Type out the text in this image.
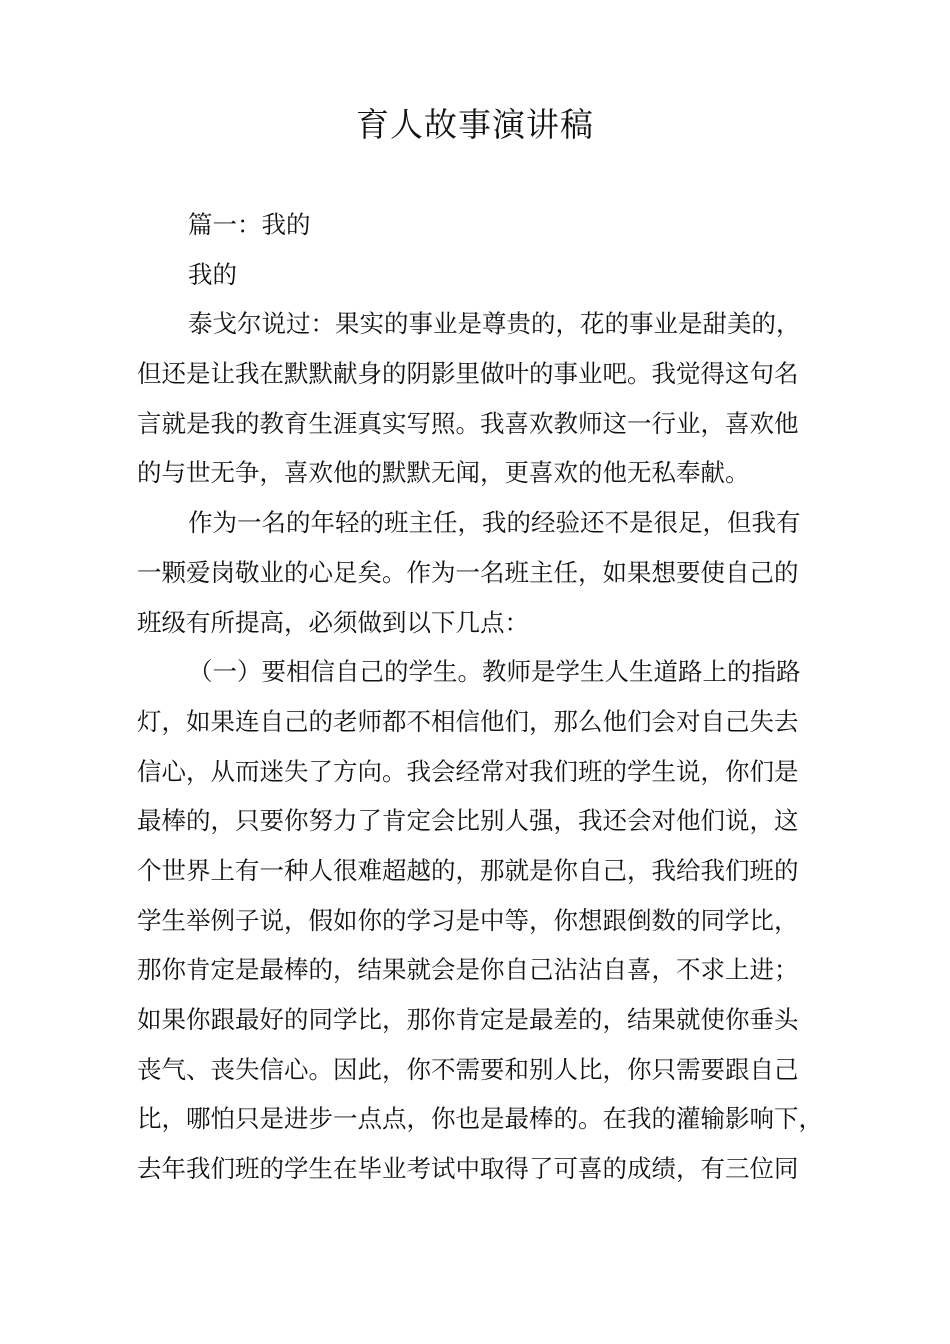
育人故事演讲稿
篇一：我的
我的
泰戈尔说过：果实的事业是尊贵的，花的事业是甜美的，
但还是让我在默默献身的阴影里做叶的事业吧。我觉得这句名
言就是我的教育生涯真实写照。我喜欢教师这一行业，喜欢他
的与世无争，喜欢他的默默无闻，更喜欢的他无私奉献。
作为一名的年轻的班主任，我的经验还不是很足，但我有
一颗爱岗敬业的心足矣。作为一名班主任，如果想要使自己的
班级有所提高，必须做到以下几点：
（一）要相信自己的学生。教师是学生人生道路上的指路
灯，如果连自己的老师都不相信他们，那么他们会对自己失去
信心，从而迷失了方向。我会经常对我们班的学生说，你们是
最棒的，只要你努力了肯定会比别人强，我还会对他们说，这
个世界上有一种人很难超越的，那就是你自己，我给我们班的
学生举例子说，假如你的学习是中等，你想跟倒数的同学比，
那你肯定是最棒的，结果就会是你自己沾沾自喜，不求上进；
如果你跟最好的同学比，那你肯定是最差的，结果就使你垂头
丧气、丧失信心。因此，你不需要和别人比，你只需要跟自己
比，哪怕只是进步一点点，你也是最棒的。在我的灌输影响下，
去年我们班的学生在毕业考试中取得了可喜的成绩，有三位同
